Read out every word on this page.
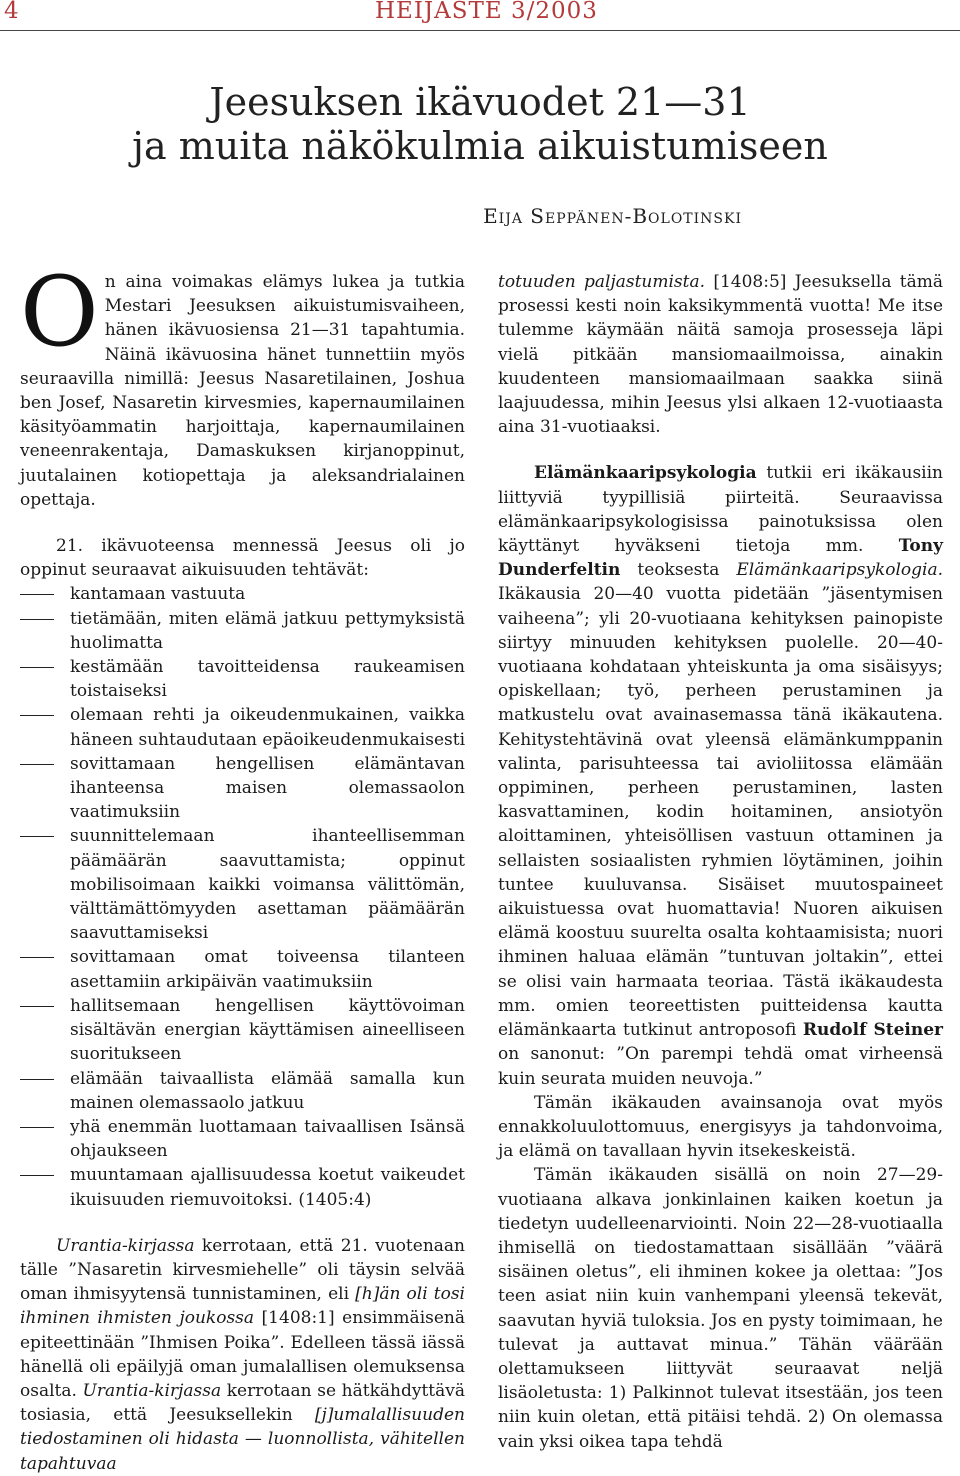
4	HEIJASTE 3/2003
Jeesuksen ikävuodet 21—31
ja muita näkökulmia aikuistumiseen
Eija Seppänen-Bolotinski

On aina voimakas elämys lukea ja tutkia Mestari Jeesuksen aikuistumisvaiheen, hänen ikävuosiensa 21—31 tapahtumia. Näinä ikävuosina hänet tunnettiin myös seuraavilla nimillä: Jeesus Nasaretilainen, Joshua ben Josef, Nasaretin kirvesmies, kapernaumilainen käsityöammatin harjoittaja, kapernaumilainen veneenrakentaja, Damaskuksen kirjanoppinut, juutalainen kotiopettaja ja aleksandrialainen opettaja.

21. ikävuoteensa mennessä Jeesus oli jo oppinut seuraavat aikuisuuden tehtävät:

kantamaan vastuuta
tietämään, miten elämä jatkuu pettymyksistä huolimatta
kestämään tavoitteidensa raukeamisen toistaiseksi
olemaan rehti ja oikeudenmukainen, vaikka häneen suhtaudutaan epäoikeudenmukaisesti
sovittamaan hengellisen elämäntavan ihanteensa maisen olemassaolon vaatimuksiin
suunnittelemaan ihanteellisemman päämäärän saavuttamista; oppinut mobilisoimaan kaikki voimansa välittömän, välttämättömyyden asettaman päämäärän saavuttamiseksi
sovittamaan omat toiveensa tilanteen asettamiin arkipäivän vaatimuksiin
hallitsemaan hengellisen käyttövoiman sisältävän energian käyttämisen aineelliseen suoritukseen
elämään taivaallista elämää samalla kun mainen olemassaolo jatkuu
yhä enemmän luottamaan taivaallisen Isänsä ohjaukseen
muuntamaan ajallisuudessa koetut vaikeudet ikuisuuden riemuvoitoksi. (1405:4)

Urantia-kirjassa kerrotaan, että 21. vuotenaan tälle ”Nasaretin kirvesmiehelle” oli täysin selvää oman ihmisyytensä tunnistaminen, eli [h]än oli tosi ihminen ihmisten joukossa [1408:1] ensimmäisenä epiteettinään ”Ihmisen Poika”. Edelleen tässä iässä hänellä oli epäilyjä oman jumalallisen olemuksensa osalta. Urantia-kirjassa kerrotaan se hätkähdyttävä tosiasia, että Jeesuksellekin [j]umalallisuuden tiedostaminen oli hidasta — luonnollista, vähitellen tapahtuvaa

totuuden paljastumista. [1408:5] Jeesuksella tämä prosessi kesti noin kaksikymmentä vuotta! Me itse tulemme käymään näitä samoja prosesseja läpi vielä pitkään mansiomaailmoissa, ainakin kuudenteen mansiomaailmaan saakka siinä laajuudessa, mihin Jeesus ylsi alkaen 12-vuotiaasta aina 31-vuotiaaksi.

Elämänkaaripsykologia tutkii eri ikäkausiin liittyviä tyypillisiä piirteitä. Seuraavissa elämänkaaripsykologisissa painotuksissa olen käyttänyt hyväkseni tietoja mm. Tony Dunderfeltin teoksesta Elämänkaaripsykologia. Ikäkausia 20—40 vuotta pidetään ”jäsentymisen vaiheena”; yli 20-vuotiaana kehityksen painopiste siirtyy minuuden kehityksen puolelle. 20—40-vuotiaana kohdataan yhteiskunta ja oma sisäisyys; opiskellaan; työ, perheen perustaminen ja matkustelu ovat avainasemassa tänä ikäkautena. Kehitystehtävinä ovat yleensä elämänkumppanin valinta, parisuhteessa tai avioliitossa elämään oppiminen, perheen perustaminen, lasten kasvattaminen, kodin hoitaminen, ansiotyön aloittaminen, yhteisöllisen vastuun ottaminen ja sellaisten sosiaalisten ryhmien löytäminen, joihin tuntee kuuluvansa. Sisäiset muutospaineet aikuistuessa ovat huomattavia! Nuoren aikuisen elämä koostuu suurelta osalta kohtaamisista; nuori ihminen haluaa elämän ”tuntuvan joltakin”, ettei se olisi vain harmaata teoriaa. Tästä ikäkaudesta mm. omien teoreettisten puitteidensa kautta elämänkaarta tutkinut antroposofi Rudolf Steiner on sanonut: ”On parempi tehdä omat virheensä kuin seurata muiden neuvoja.”

Tämän ikäkauden avainsanoja ovat myös ennakkoluulottomuus, energisyys ja tahdonvoima, ja elämä on tavallaan hyvin itsekeskeistä.

Tämän ikäkauden sisällä on noin 27—29-vuotiaana alkava jonkinlainen kaiken koetun ja tiedetyn uudelleenarviointi. Noin 22—28-vuotiaalla ihmisellä on tiedostamattaan sisällään ”väärä sisäinen oletus”, eli ihminen kokee ja olettaa: ”Jos teen asiat niin kuin vanhempani yleensä tekevät, saavutan hyviä tuloksia. Jos en pysty toimimaan, he tulevat ja auttavat minua.” Tähän väärään olettamukseen liittyvät seuraavat neljä lisäoletusta: 1) Palkinnot tulevat itsestään, jos teen niin kuin oletan, että pitäisi tehdä. 2) On olemassa vain yksi oikea tapa tehdä
